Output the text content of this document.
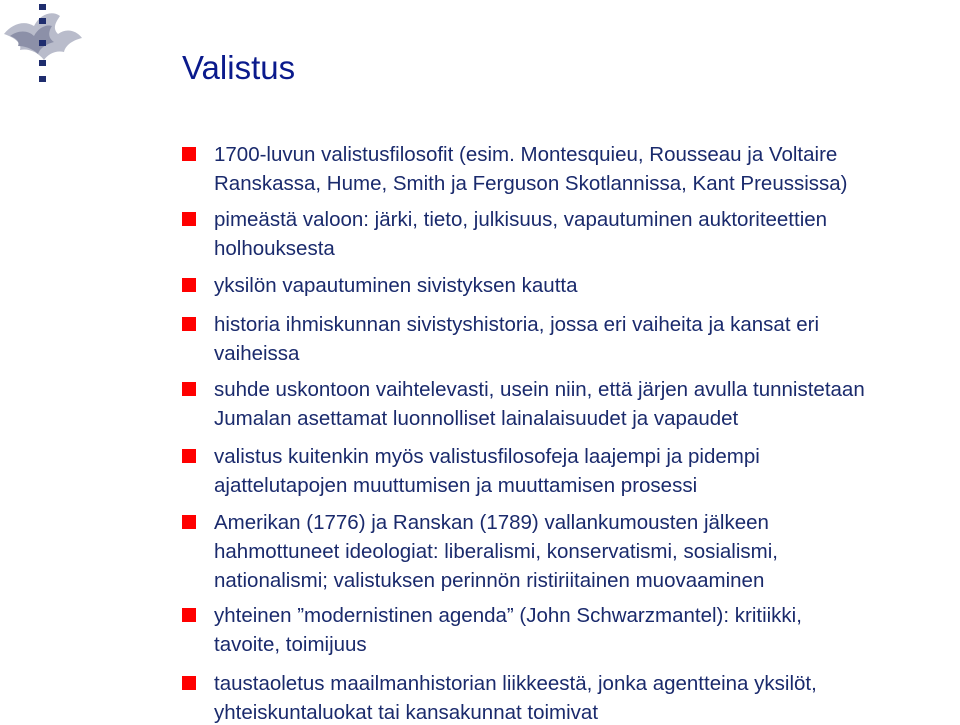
Valistus
1700-luvun valistusfilosofit (esim. Montesquieu, Rousseau ja Voltaire
Ranskassa, Hume, Smith ja Ferguson Skotlannissa, Kant Preussissa)
pimeästä valoon: järki, tieto, julkisuus, vapautuminen auktoriteettien
holhouksesta
yksilön vapautuminen sivistyksen kautta
historia ihmiskunnan sivistyshistoria, jossa eri vaiheita ja kansat eri
vaiheissa
suhde uskontoon vaihtelevasti, usein niin, että järjen avulla tunnistetaan
Jumalan asettamat luonnolliset lainalaisuudet ja vapaudet
valistus kuitenkin myös valistusfilosofeja laajempi ja pidempi
ajattelutapojen muuttumisen ja muuttamisen prosessi
Amerikan (1776) ja Ranskan (1789) vallankumousten jälkeen
hahmottuneet ideologiat: liberalismi, konservatismi, sosialismi,
nationalismi; valistuksen perinnön ristiriitainen muovaaminen
yhteinen ”modernistinen agenda” (John Schwarzmantel): kritiikki,
tavoite, toimijuus
taustaoletus maailmanhistorian liikkeestä, jonka agentteina yksilöt,
yhteiskuntaluokat tai kansakunnat toimivat
